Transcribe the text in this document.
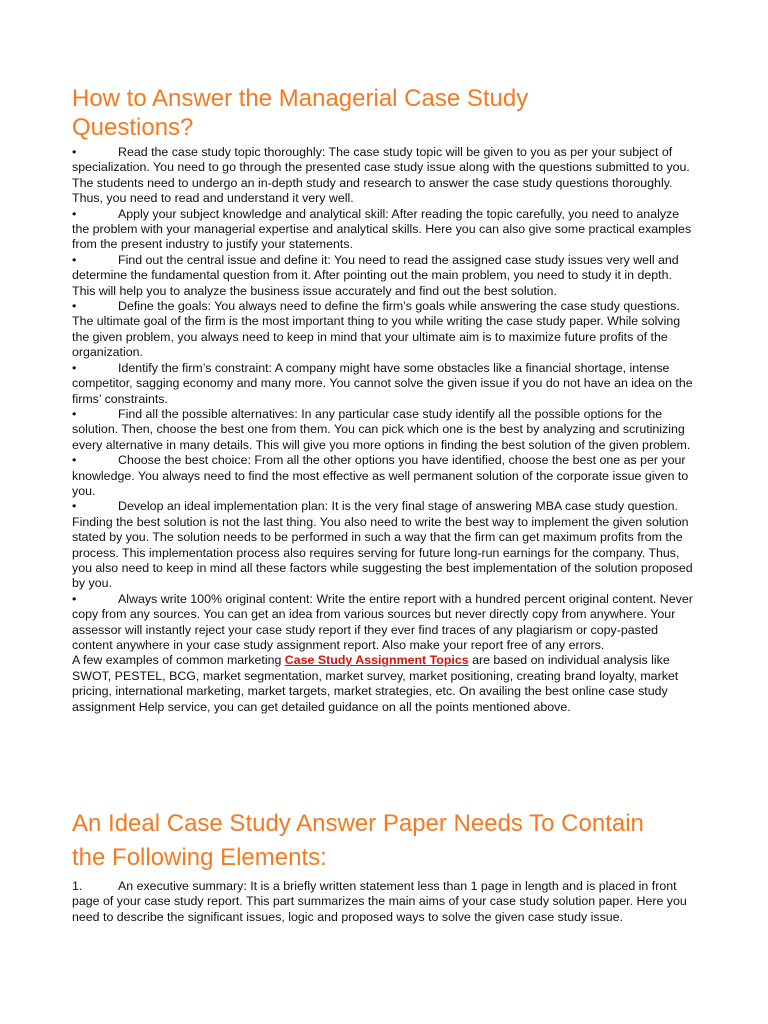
How to Answer the Managerial Case Study Questions?

•	Read the case study topic thoroughly: The case study topic will be given to you as per your subject of specialization. You need to go through the presented case study issue along with the questions submitted to you. The students need to undergo an in-depth study and research to answer the case study questions thoroughly. Thus, you need to read and understand it very well.

•	Apply your subject knowledge and analytical skill: After reading the topic carefully, you need to analyze the problem with your managerial expertise and analytical skills. Here you can also give some practical examples from the present industry to justify your statements.

•	Find out the central issue and define it: You need to read the assigned case study issues very well and determine the fundamental question from it. After pointing out the main problem, you need to study it in depth. This will help you to analyze the business issue accurately and find out the best solution.

•	Define the goals: You always need to define the firm’s goals while answering the case study questions. The ultimate goal of the firm is the most important thing to you while writing the case study paper. While solving the given problem, you always need to keep in mind that your ultimate aim is to maximize future profits of the organization.

•	Identify the firm’s constraint: A company might have some obstacles like a financial shortage, intense competitor, sagging economy and many more. You cannot solve the given issue if you do not have an idea on the firms’ constraints.

•	Find all the possible alternatives: In any particular case study identify all the possible options for the solution. Then, choose the best one from them. You can pick which one is the best by analyzing and scrutinizing every alternative in many details. This will give you more options in finding the best solution of the given problem.

•	Choose the best choice: From all the other options you have identified, choose the best one as per your knowledge. You always need to find the most effective as well permanent solution of the corporate issue given to you.

•	Develop an ideal implementation plan: It is the very final stage of answering MBA case study question. Finding the best solution is not the last thing. You also need to write the best way to implement the given solution stated by you. The solution needs to be performed in such a way that the firm can get maximum profits from the process. This implementation process also requires serving for future long-run earnings for the company. Thus, you also need to keep in mind all these factors while suggesting the best implementation of the solution proposed by you.

•	Always write 100% original content: Write the entire report with a hundred percent original content. Never copy from any sources. You can get an idea from various sources but never directly copy from anywhere. Your assessor will instantly reject your case study report if they ever find traces of any plagiarism or copy-pasted content anywhere in your case study assignment report. Also make your report free of any errors.

A few examples of common marketing Case Study Assignment Topics are based on individual analysis like SWOT, PESTEL, BCG, market segmentation, market survey, market positioning, creating brand loyalty, market pricing, international marketing, market targets, market strategies, etc. On availing the best online case study assignment Help service, you can get detailed guidance on all the points mentioned above.

An Ideal Case Study Answer Paper Needs To Contain the Following Elements:

1.	An executive summary: It is a briefly written statement less than 1 page in length and is placed in front page of your case study report. This part summarizes the main aims of your case study solution paper. Here you need to describe the significant issues, logic and proposed ways to solve the given case study issue.
